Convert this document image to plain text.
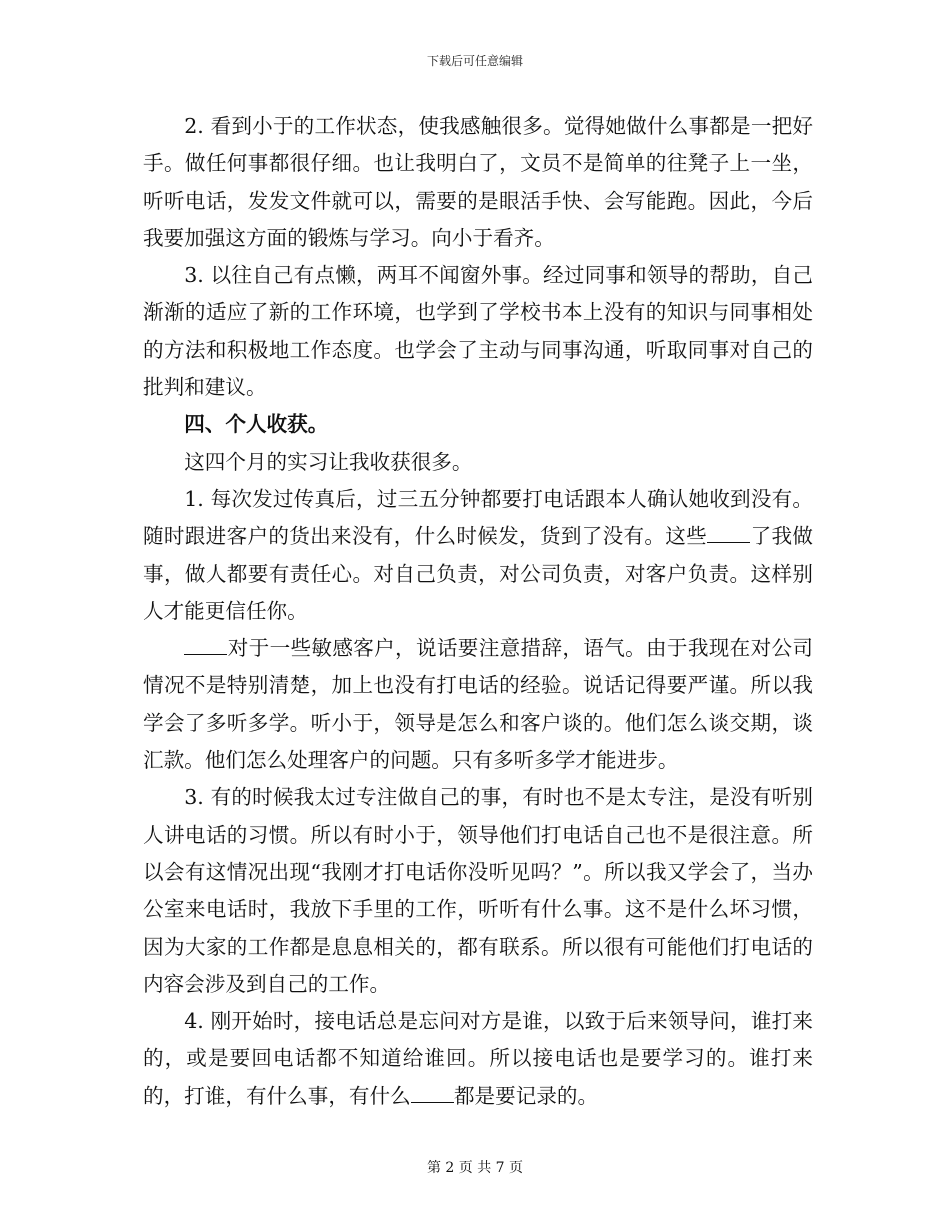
下载后可任意编辑

2. 看到小于的工作状态，使我感触很多。觉得她做什么事都是一把好手。做任何事都很仔细。也让我明白了，文员不是简单的往凳子上一坐，听听电话，发发文件就可以，需要的是眼活手快、会写能跑。因此，今后我要加强这方面的锻炼与学习。向小于看齐。

3. 以往自己有点懒，两耳不闻窗外事。经过同事和领导的帮助，自己渐渐的适应了新的工作环境，也学到了学校书本上没有的知识与同事相处的方法和积极地工作态度。也学会了主动与同事沟通，听取同事对自己的批判和建议。

四、个人收获。

这四个月的实习让我收获很多。

1. 每次发过传真后，过三五分钟都要打电话跟本人确认她收到没有。随时跟进客户的货出来没有，什么时候发，货到了没有。这些 了我做事，做人都要有责任心。对自己负责，对公司负责，对客户负责。这样别人才能更信任你。

对于一些敏感客户，说话要注意措辞，语气。由于我现在对公司情况不是特别清楚，加上也没有打电话的经验。说话记得要严谨。所以我学会了多听多学。听小于，领导是怎么和客户谈的。他们怎么谈交期，谈汇款。他们怎么处理客户的问题。只有多听多学才能进步。

3. 有的时候我太过专注做自己的事，有时也不是太专注，是没有听别人讲电话的习惯。所以有时小于，领导他们打电话自己也不是很注意。所以会有这情况出现“我刚才打电话你没听见吗？”。所以我又学会了，当办公室来电话时，我放下手里的工作，听听有什么事。这不是什么坏习惯，因为大家的工作都是息息相关的，都有联系。所以很有可能他们打电话的内容会涉及到自己的工作。

4. 刚开始时，接电话总是忘问对方是谁，以致于后来领导问，谁打来的，或是要回电话都不知道给谁回。所以接电话也是要学习的。谁打来的，打谁，有什么事，有什么 都是要记录的。

第 2 页 共 7 页
